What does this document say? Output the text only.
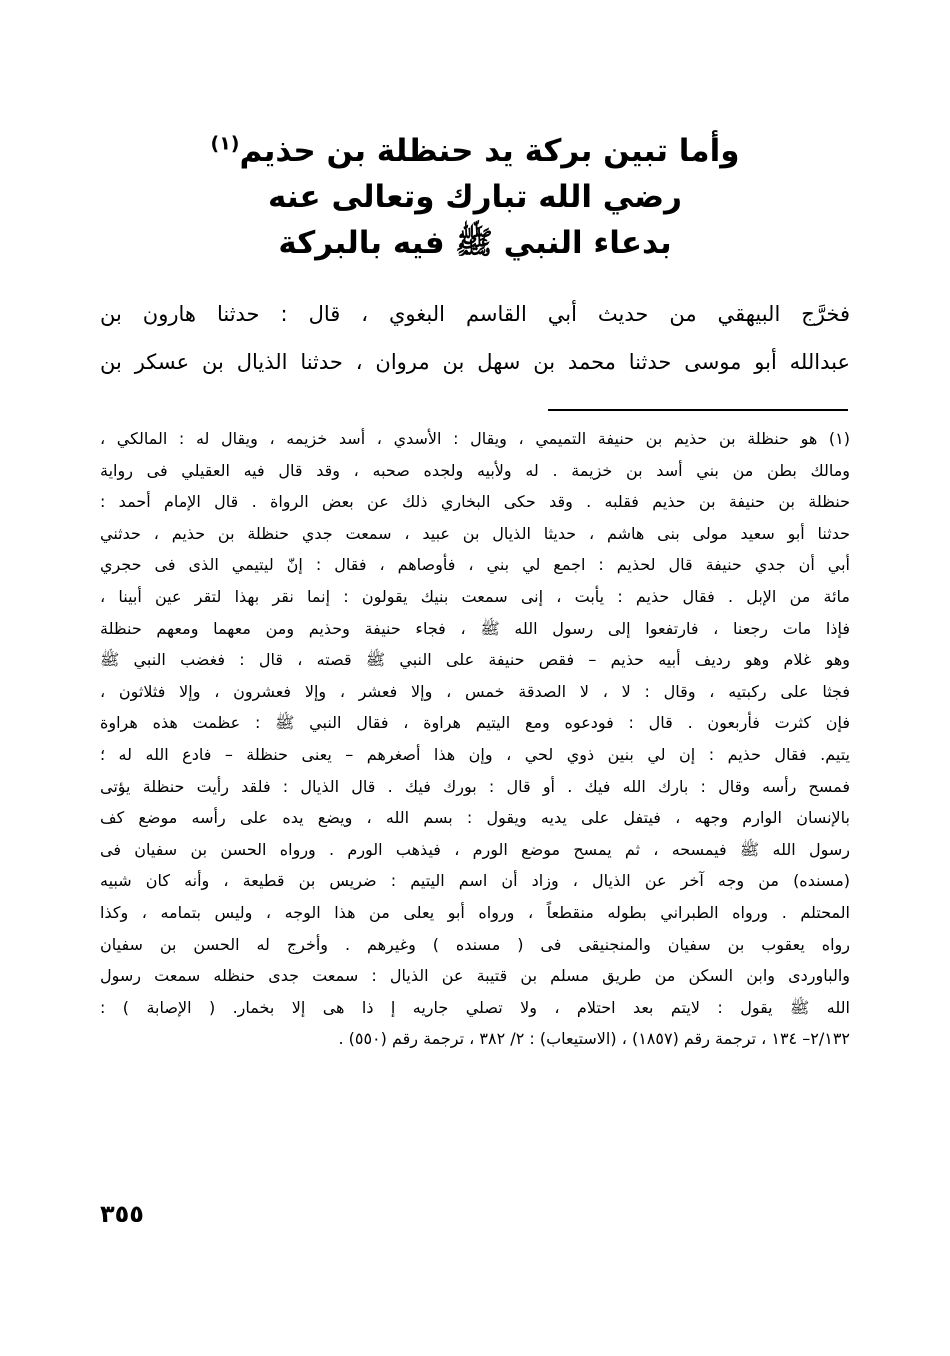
وأما تبين بركة يد حنظلة بن حذيم$^{(١)}$
رضي الله تبارك وتعالى عنه
بدعاء النبي ﷺ فيه بالبركة
فخرَّج البيهقي من حديث أبي القاسم البغوي ، قال : حدثنا هارون بن
عبدالله أبو موسى حدثنا محمد بن سهل بن مروان ، حدثنا الذيال بن عسكر بن
(١) هو حنظلة بن حذيم بن حنيفة التميمي ، ويقال : الأسدي ، أسد خزيمه ، ويقال له : المالكي ،
ومالك بطن من بني أسد بن خزيمة . له ولأبيه ولجده صحبه ، وقد قال فيه العقيلي فى رواية
حنظلة بن حنيفة بن حذيم فقلبه . وقد حكى البخاري ذلك عن بعض الرواة . قال الإمام أحمد :
حدثنا أبو سعيد مولى بنى هاشم ، حديثا الذيال بن عبيد ، سمعت جدي حنظلة بن حذيم ، حدثني
أبي أن جدي حنيفة قال لحذيم : اجمع لي بني ، فأوصاهم ، فقال : إنّ ليتيمي الذى فى حجري
مائة من الإبل . فقال حذيم : يأبت ، إنى سمعت بنيك يقولون : إنما نقر بهذا لتقر عين أبينا ،
فإذا مات رجعنا ، فارتفعوا إلى رسول الله ﷺ ، فجاء حنيفة وحذيم ومن معهما ومعهم حنظلة
وهو غلام وهو رديف أبيه حذيم – فقص حنيفة على النبي ﷺ قصته ، قال : فغضب النبي ﷺ
فجثا على ركبتيه ، وقال : لا ، لا الصدقة خمس ، وإلا فعشر ، وإلا فعشرون ، وإلا فثلاثون ،
فإن كثرت فأربعون . قال : فودعوه ومع اليتيم هراوة ، فقال النبي ﷺ : عظمت هذه هراوة
يتيم. فقال حذيم : إن لي بنين ذوي لحي ، وإن هذا أصغرهم – يعنى حنظلة – فادع الله له ؛
فمسح رأسه وقال : بارك الله فيك . أو قال : بورك فيك . قال الذيال : فلقد رأيت حنظلة يؤتى
بالإنسان الوارم وجهه ، فيتفل على يديه ويقول : بسم الله ، ويضع يده على رأسه موضع كف
رسول الله ﷺ فيمسحه ، ثم يمسح موضع الورم ، فيذهب الورم . ورواه الحسن بن سفيان فى
(مسنده) من وجه آخر عن الذيال ، وزاد أن اسم اليتيم : ضريس بن قطيعة ، وأنه كان شبيه
المحتلم . ورواه الطبراني بطوله منقطعاً ، ورواه أبو يعلى من هذا الوجه ، وليس بتمامه ، وكذا
رواه يعقوب بن سفيان والمنجنيقى فى ( مسنده ) وغيرهم . وأخرج له الحسن بن سفيان
والباوردى وابن السكن من طريق مسلم بن قتيبة عن الذيال : سمعت جدى حنظله سمعت رسول
الله ﷺ يقول : لايتم بعد احتلام ، ولا تصلي جاريه إ ذا هى إلا بخمار. ( الإصابة ) :
٢/١٣٢– ١٣٤ ، ترجمة رقم (١٨٥٧) ، (الاستيعاب) : ٢/ ٣٨٢ ، ترجمة رقم (٥٥٠) .
٣٥٥
